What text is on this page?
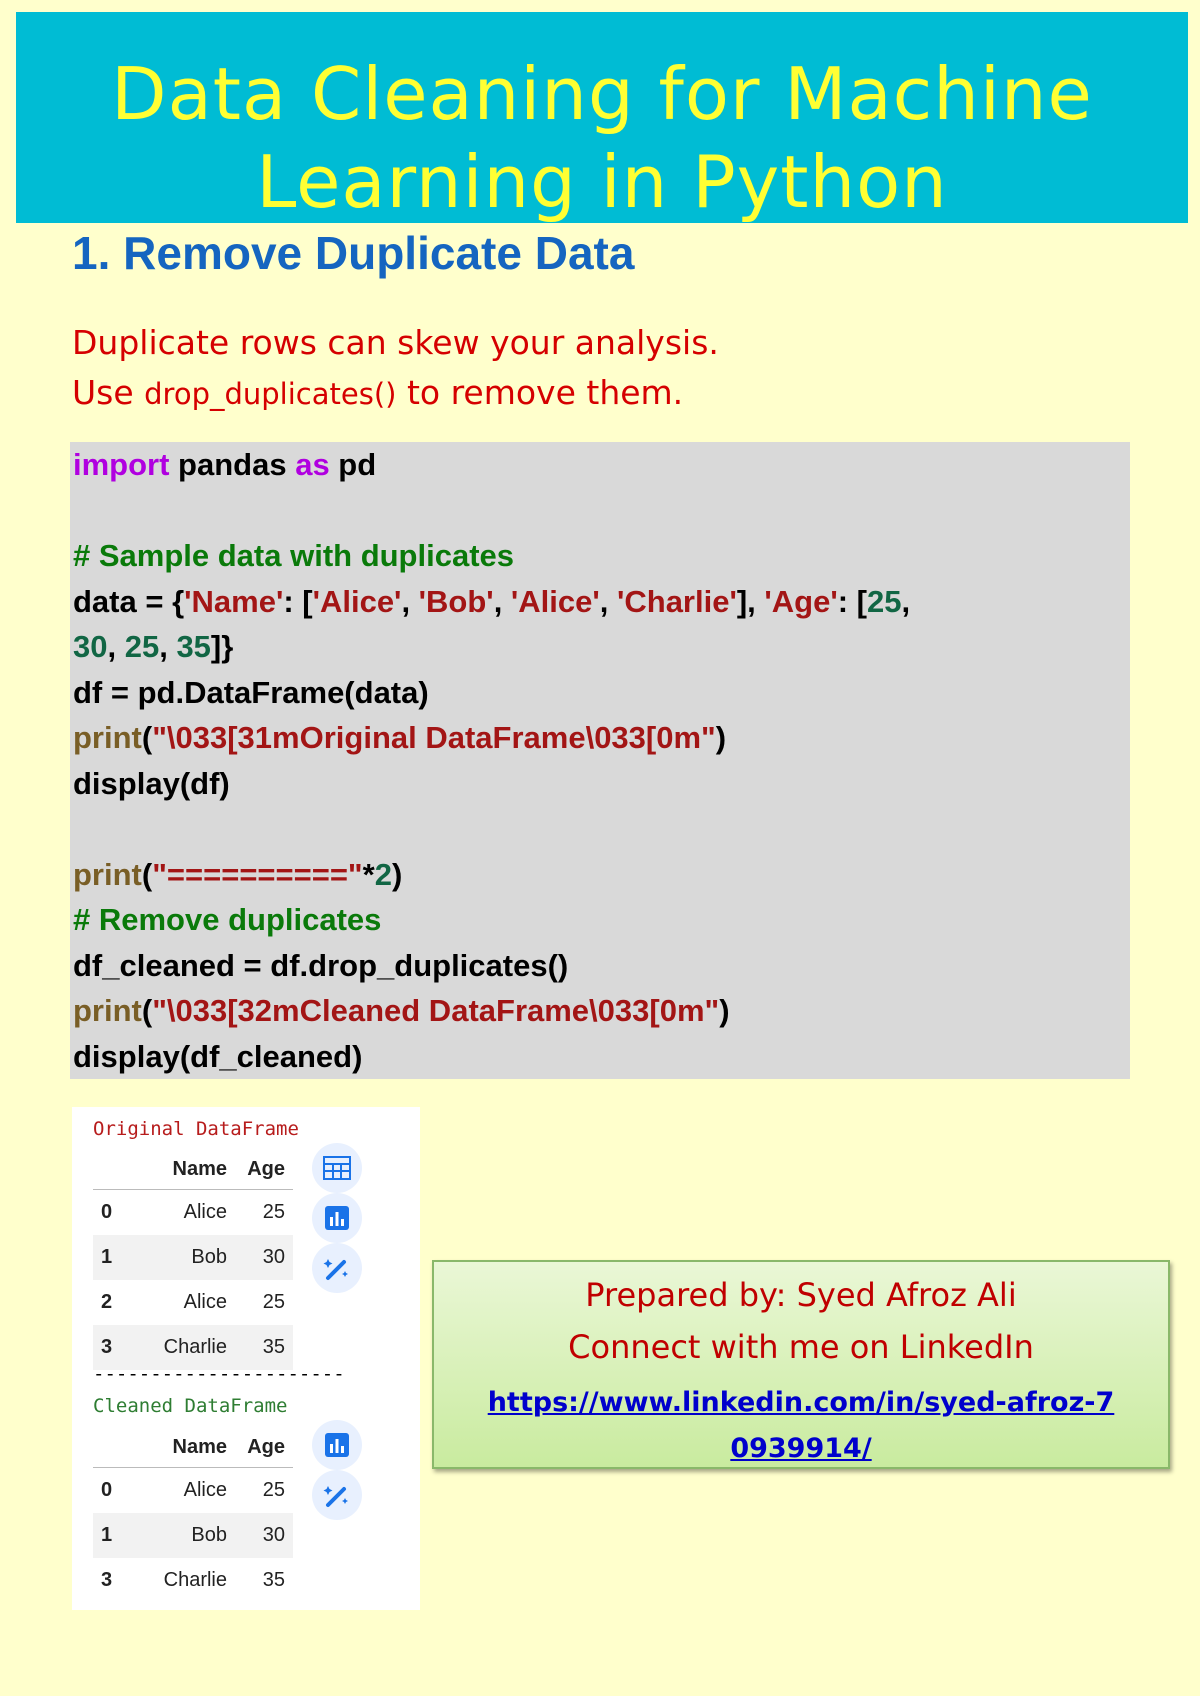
Data Cleaning for Machine
Learning in Python
1. Remove Duplicate Data
Duplicate rows can skew your analysis.
Use drop_duplicates() to remove them.
import pandas as pd
# Sample data with duplicates
data = {'Name': ['Alice', 'Bob', 'Alice', 'Charlie'], 'Age': [25,
30, 25, 35]}
df = pd.DataFrame(data)
print("\033[31mOriginal DataFrame\033[0m")
display(df)
print("=========="*2)
# Remove duplicates
df_cleaned = df.drop_duplicates()
print("\033[32mCleaned DataFrame\033[0m")
display(df_cleaned)
Original DataFrame
	Name	Age
0	Alice	25
1	Bob	30
2	Alice	25
3	Charlie	35
----------------------
Cleaned DataFrame
	Name	Age
0	Alice	25
1	Bob	30
3	Charlie	35
Prepared by: Syed Afroz Ali
Connect with me on LinkedIn
https://www.linkedin.com/in/syed-afroz-70939914/
